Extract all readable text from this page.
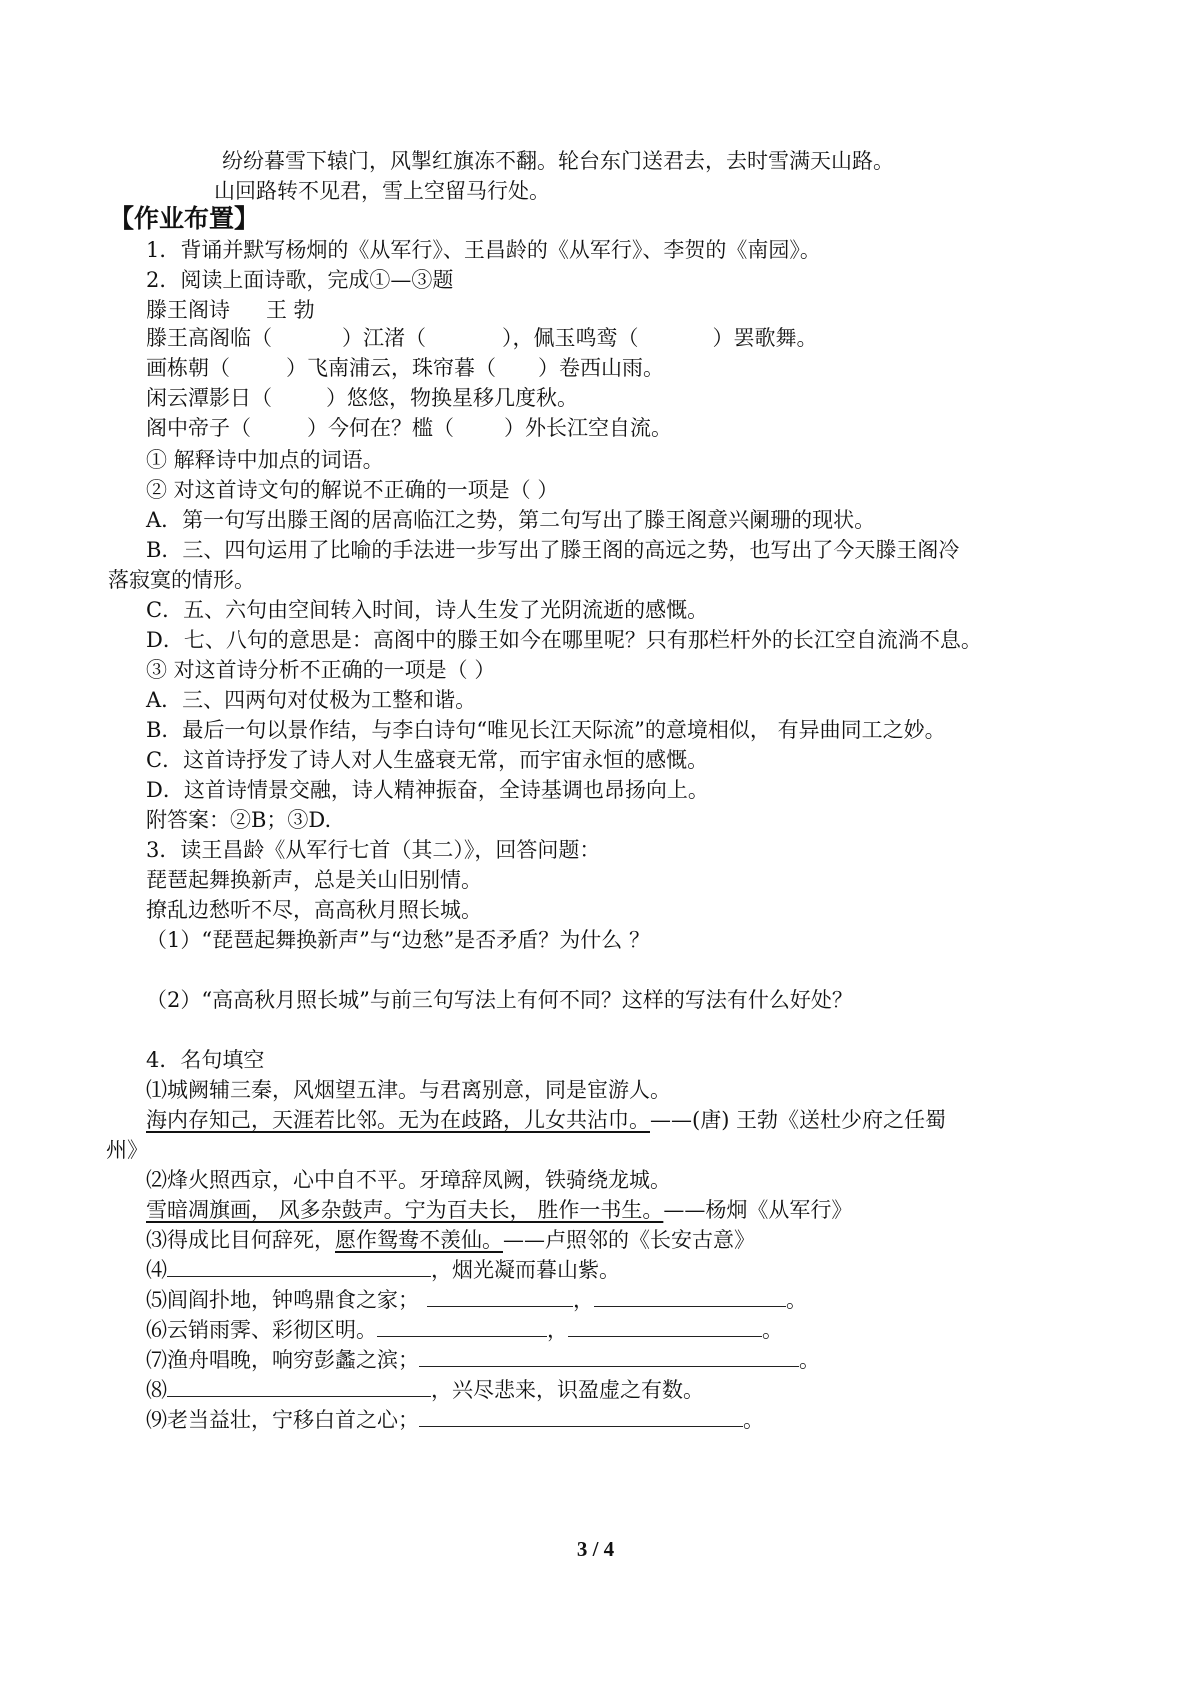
纷纷暮雪下辕门，风掣红旗冻不翻。轮台东门送君去，去时雪满天山路。
山回路转不见君，雪上空留马行处。
【作业布置】
1．背诵并默写杨炯的《从军行》、王昌龄的《从军行》、李贺的《南园》。
2．阅读上面诗歌，完成①—③题
滕王阁诗 王 勃
滕王高阁临（	）江渚（	），佩玉鸣鸾（	）罢歌舞。
画栋朝（	）飞南浦云，珠帘暮（ ）卷西山雨。
闲云潭影日（	）悠悠，物换星移几度秋。
阁中帝子（	）今何在？槛（ ）外长江空自流。
① 解释诗中加点的词语。
② 对这首诗文句的解说不正确的一项是（ ）
A．第一句写出滕王阁的居高临江之势，第二句写出了滕王阁意兴阑珊的现状。
B．三、四句运用了比喻的手法进一步写出了滕王阁的高远之势，也写出了今天滕王阁冷
落寂寞的情形。
C．五、六句由空间转入时间，诗人生发了光阴流逝的感慨。
D．七、八句的意思是：高阁中的滕王如今在哪里呢？只有那栏杆外的长江空自流淌不息。
③ 对这首诗分析不正确的一项是（ ）
A．三、四两句对仗极为工整和谐。
B．最后一句以景作结，与李白诗句“唯见长江天际流”的意境相似， 有异曲同工之妙。
C．这首诗抒发了诗人对人生盛衰无常，而宇宙永恒的感慨。
D．这首诗情景交融，诗人精神振奋，全诗基调也昂扬向上。
附答案：②B；③D.
3．读王昌龄《从军行七首（其二）》，回答问题：
琵琶起舞换新声，总是关山旧别情。
撩乱边愁听不尽，高高秋月照长城。
（1）“琵琶起舞换新声”与“边愁”是否矛盾？为什么 ？
（2）“高高秋月照长城”与前三句写法上有何不同？这样的写法有什么好处？
4．名句填空
⑴城阙辅三秦，风烟望五津。与君离别意，同是宦游人。
海内存知己，天涯若比邻。无为在歧路，儿女共沾巾。——(唐) 王勃《送杜少府之任蜀
州》
⑵烽火照西京，心中自不平。牙璋辞凤阙，铁骑绕龙城。
雪暗凋旗画， 风多杂鼓声。宁为百夫长， 胜作一书生。——杨炯《从军行》
⑶得成比目何辞死，愿作鸳鸯不羡仙。——卢照邻的《长安古意》
⑷	，烟光凝而暮山紫。
⑸闾阎扑地，钟鸣鼎食之家；	，	。
⑹云销雨霁、彩彻区明。	，	。
⑺渔舟唱晚，响穷彭蠡之滨；	。
⑻	，兴尽悲来，识盈虚之有数。
⑼老当益壮，宁移白首之心；	。
3 / 4
